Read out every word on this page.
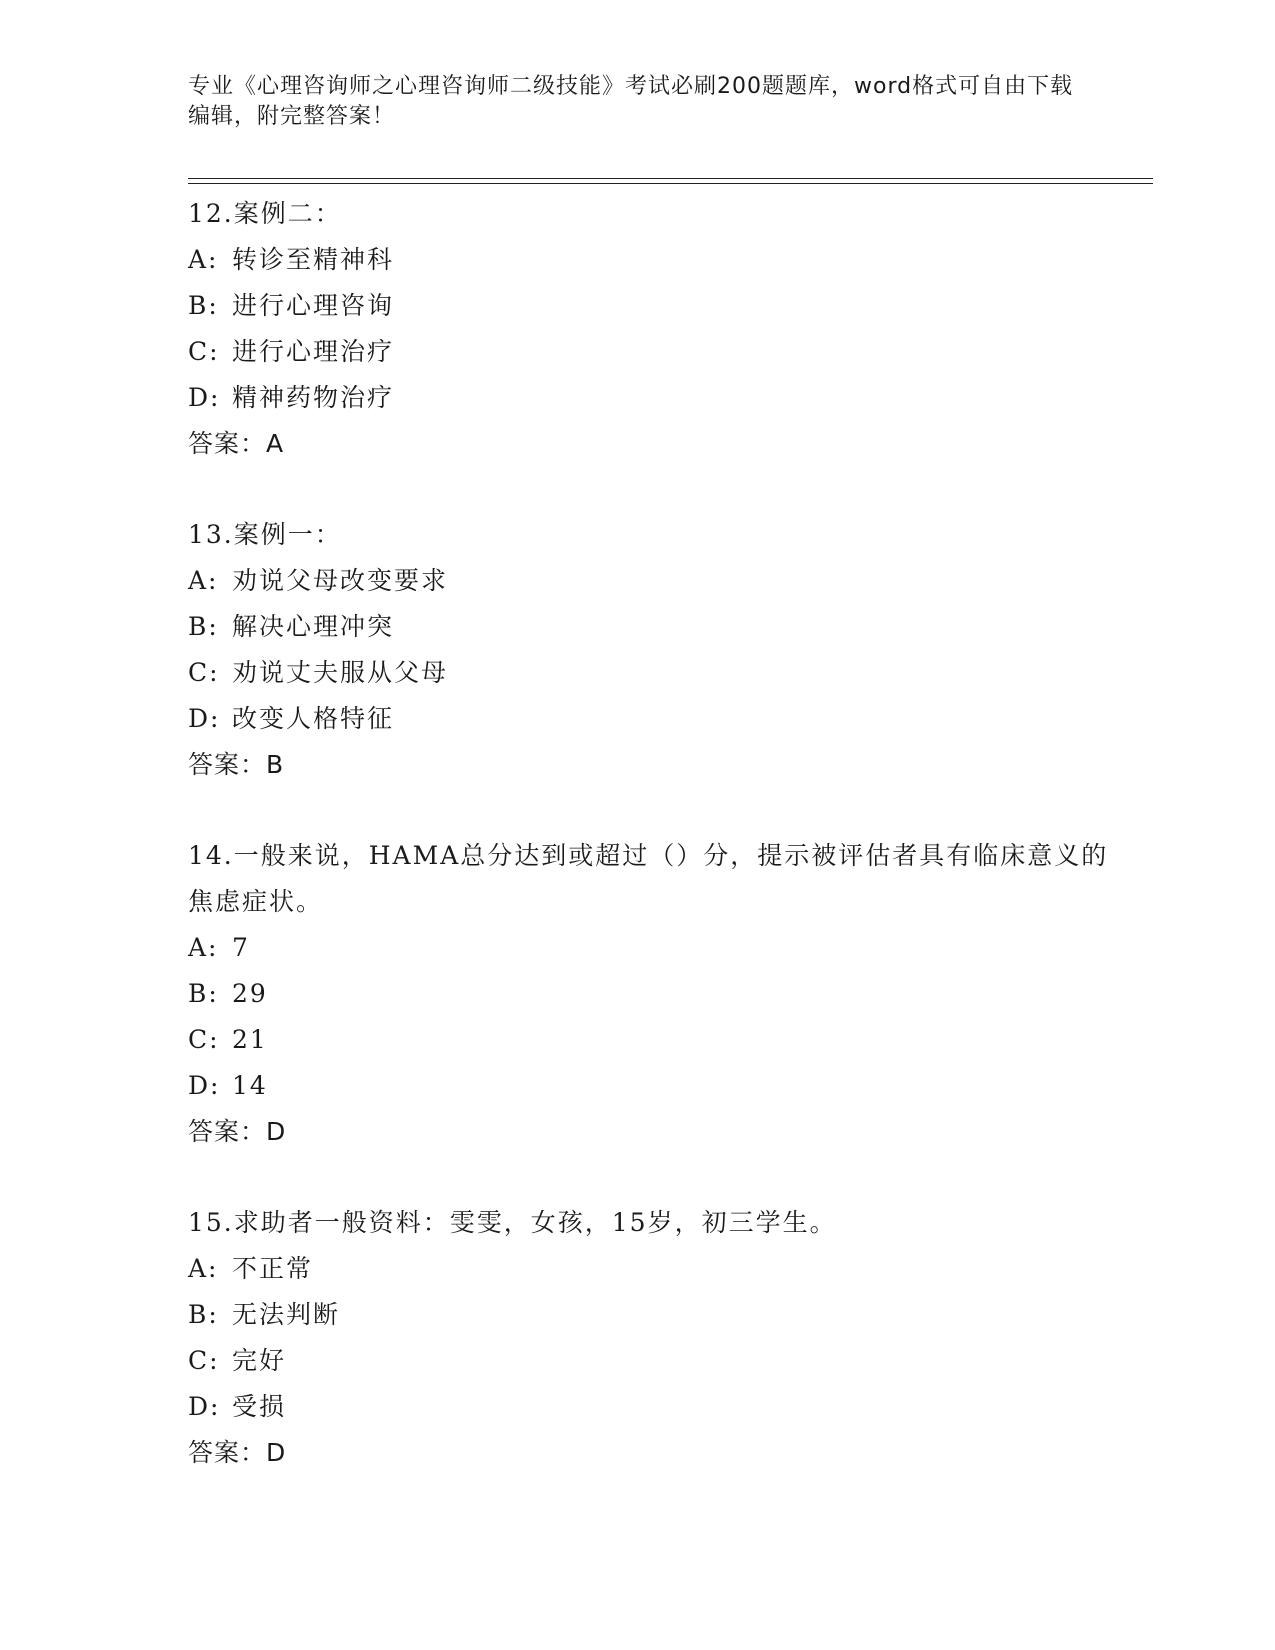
专业《心理咨询师之心理咨询师二级技能》考试必刷200题题库，word格式可自由下载编辑，附完整答案！

12.案例二：

A: 转诊至精神科

B: 进行心理咨询

C: 进行心理治疗

D: 精神药物治疗

答案：A

13.案例一：

A: 劝说父母改变要求

B: 解决心理冲突

C: 劝说丈夫服从父母

D: 改变人格特征

答案：B

14.一般来说，HAMA总分达到或超过（）分，提示被评估者具有临床意义的焦虑症状。

A: 7

B: 29

C: 21

D: 14

答案：D

15.求助者一般资料：雯雯，女孩，15岁，初三学生。

A: 不正常

B: 无法判断

C: 完好

D: 受损

答案：D
